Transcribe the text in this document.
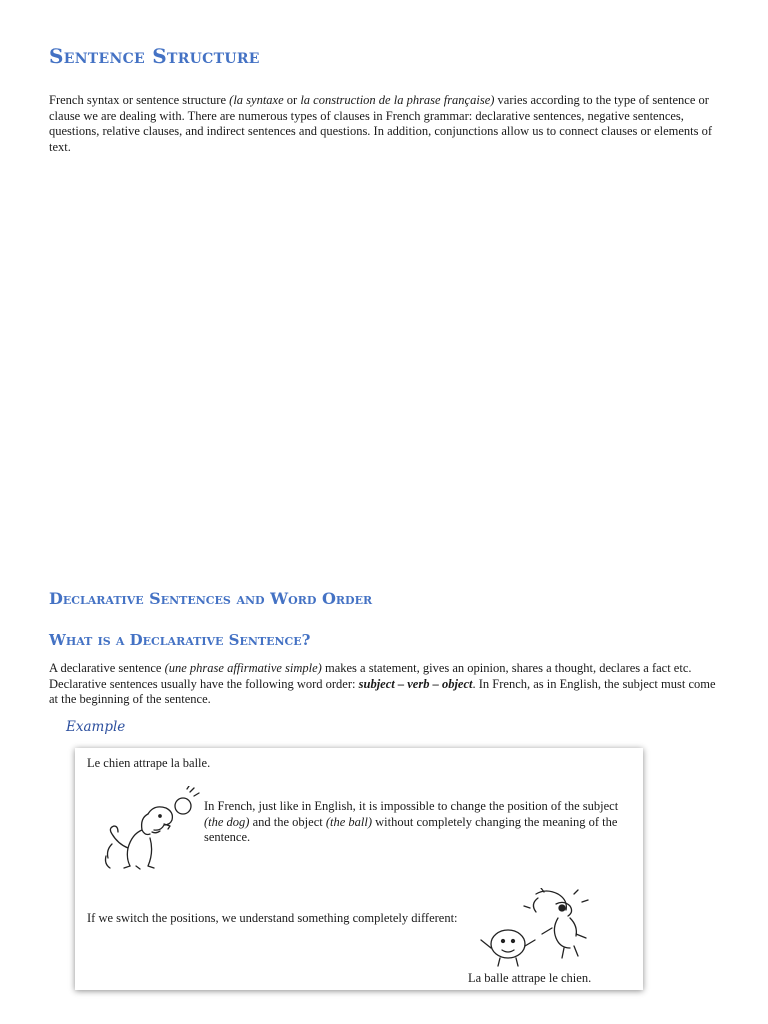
Sentence Structure

French syntax or sentence structure (la syntaxe or la construction de la phrase française) varies according to the type of sentence or clause we are dealing with. There are numerous types of clauses in French grammar: declarative sentences, negative sentences, questions, relative clauses, and indirect sentences and questions. In addition, conjunctions allow us to connect clauses or elements of text.

Declarative Sentences and Word Order
What is a Declarative Sentence?

A declarative sentence (une phrase affirmative simple) makes a statement, gives an opinion, shares a thought, declares a fact etc. Declarative sentences usually have the following word order: subject – verb – object. In French, as in English, the subject must come at the beginning of the sentence.

Example

Le chien attrape la balle.

In French, just like in English, it is impossible to change the position of the subject (the dog) and the object (the ball) without completely changing the meaning of the sentence.

If we switch the positions, we understand something completely different:

La balle attrape le chien.
